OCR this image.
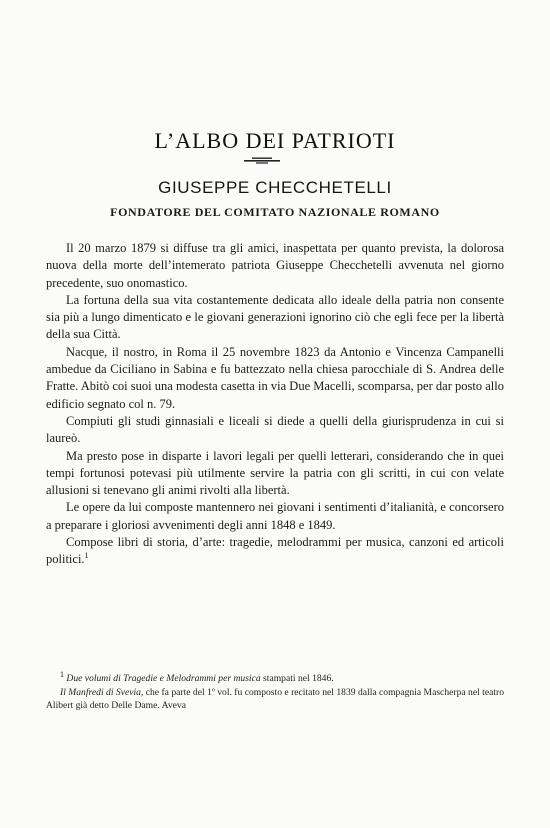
L’ALBO DEI PATRIOTI
GIUSEPPE CHECCHETELLI
FONDATORE DEL COMITATO NAZIONALE ROMANO

Il 20 marzo 1879 si diffuse tra gli amici, inaspettata per quanto prevista, la dolorosa nuova della morte dell’intemerato patriota Giuseppe Checchetelli avvenuta nel giorno precedente, suo onomastico.

La fortuna della sua vita costantemente dedicata allo ideale della patria non consente sia più a lungo dimenticato e le giovani generazioni ignorino ciò che egli fece per la libertà della sua Città.

Nacque, il nostro, in Roma il 25 novembre 1823 da Antonio e Vincenza Campanelli ambedue da Ciciliano in Sabina e fu battezzato nella chiesa parocchiale di S. Andrea delle Fratte. Abitò coi suoi una modesta casetta in via Due Macelli, scomparsa, per dar posto allo edificio segnato col n. 79.

Compiuti gli studi ginnasiali e liceali si diede a quelli della giurisprudenza in cui si laureò.

Ma presto pose in disparte i lavori legali per quelli letterari, considerando che in quei tempi fortunosi potevasi più utilmente servire la patria con gli scritti, in cui con velate allusioni si tenevano gli animi rivolti alla libertà.

Le opere da lui composte mantennero nei giovani i sentimenti d’italianità, e concorsero a preparare i gloriosi avvenimenti degli anni 1848 e 1849.

Compose libri di storia, d’arte: tragedie, melodrammi per musica, canzoni ed articoli politici.$^1$

$^1$ Due volumi di Tragedie e Melodrammi per musica stampati nel 1846.

Il Manfredi di Svevia, che fa parte del 1º vol. fu composto e recitato nel 1839 dalla compagnia Mascherpa nel teatro Alibert già detto Delle Dame. Aveva
